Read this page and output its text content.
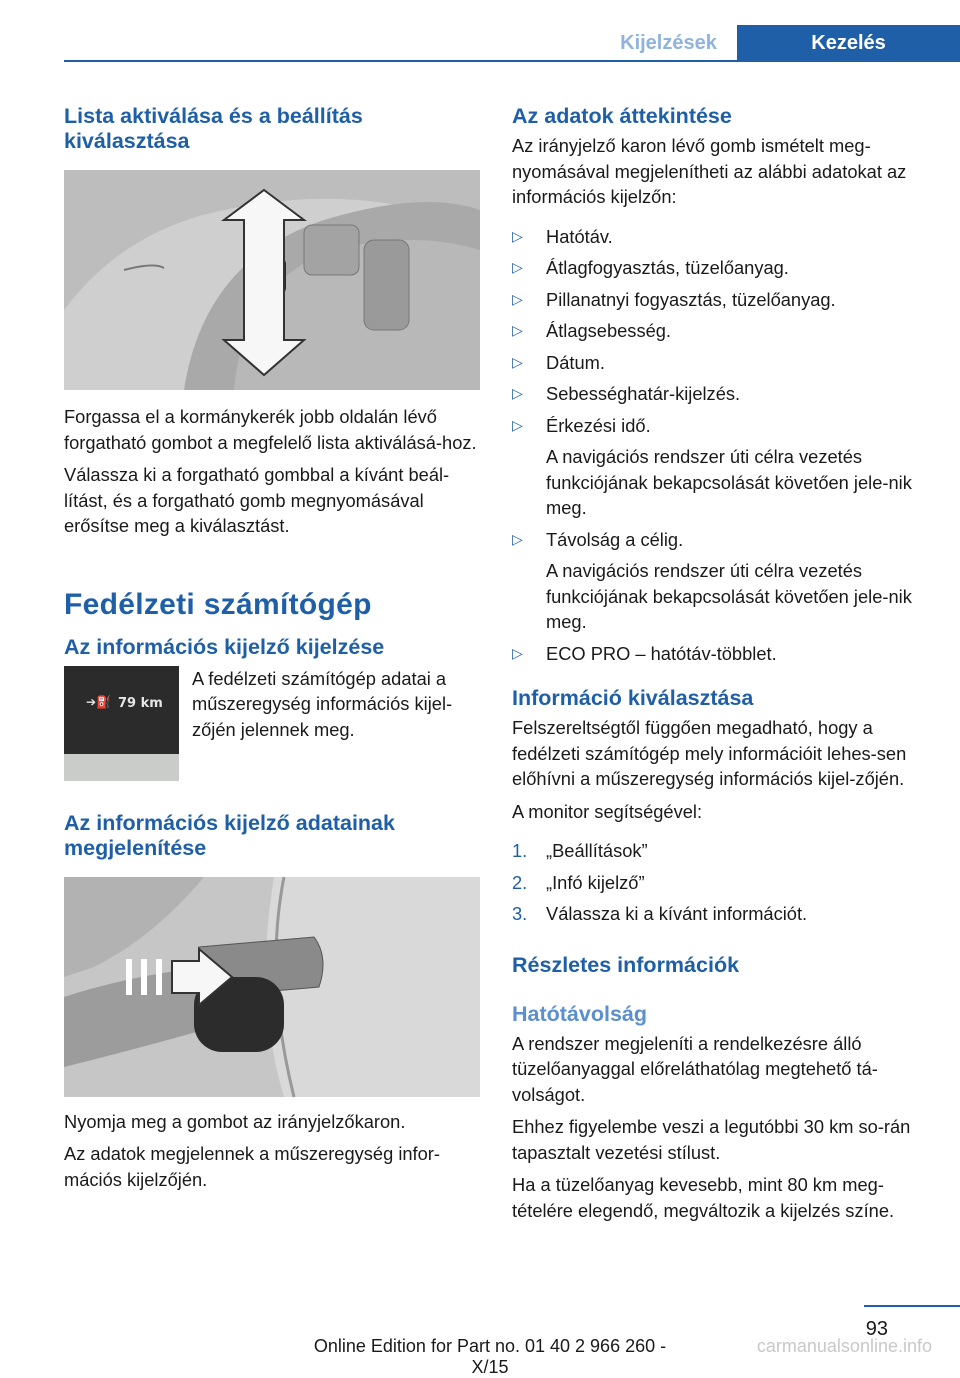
Kijelzések	Kezelés
Lista aktiválása és a beállítás kiválasztása

Forgassa el a kormánykerék jobb oldalán lévő forgatható gombot a megfelelő lista aktiválásá-hoz.

Válassza ki a forgatható gombbal a kívánt beál-lítást, és a forgatható gomb megnyomásával erősítse meg a kiválasztást.

Fedélzeti számítógép
Az információs kijelző kijelzése
➔⛽ 79 km

A fedélzeti számítógép adatai a műszeregység információs kijel-zőjén jelennek meg.

Az információs kijelző adatainak megjelenítése

Nyomja meg a gombot az irányjelzőkaron.

Az adatok megjelennek a műszeregység infor-mációs kijelzőjén.

Az adatok áttekintése

Az irányjelző karon lévő gomb ismételt meg-nyomásával megjelenítheti az alábbi adatokat az információs kijelzőn:

▷ Hatótáv.
▷ Átlagfogyasztás, tüzelőanyag.
▷ Pillanatnyi fogyasztás, tüzelőanyag.
▷ Átlagsebesség.
▷ Dátum.
▷ Sebességhatár-kijelzés.
▷ Érkezési idő.
A navigációs rendszer úti célra vezetés funkciójának bekapcsolását követően jele-nik meg.
▷ Távolság a célig.
A navigációs rendszer úti célra vezetés funkciójának bekapcsolását követően jele-nik meg.
▷ ECO PRO – hatótáv-többlet.
Információ kiválasztása

Felszereltségtől függően megadható, hogy a fedélzeti számítógép mely információit lehes-sen előhívni a műszeregység információs kijel-zőjén.

A monitor segítségével:

1. „Beállítások”
2. „Infó kijelző”
3. Válassza ki a kívánt információt.
Részletes információk
Hatótávolság

A rendszer megjeleníti a rendelkezésre álló tüzelőanyaggal előreláthatólag megtehető tá-volságot.

Ehhez figyelembe veszi a legutóbbi 30 km so-rán tapasztalt vezetési stílust.

Ha a tüzelőanyag kevesebb, mint 80 km meg-tételére elegendő, megváltozik a kijelzés színe.

93
Online Edition for Part no. 01 40 2 966 260 - X/15
carmanualsonline.info
